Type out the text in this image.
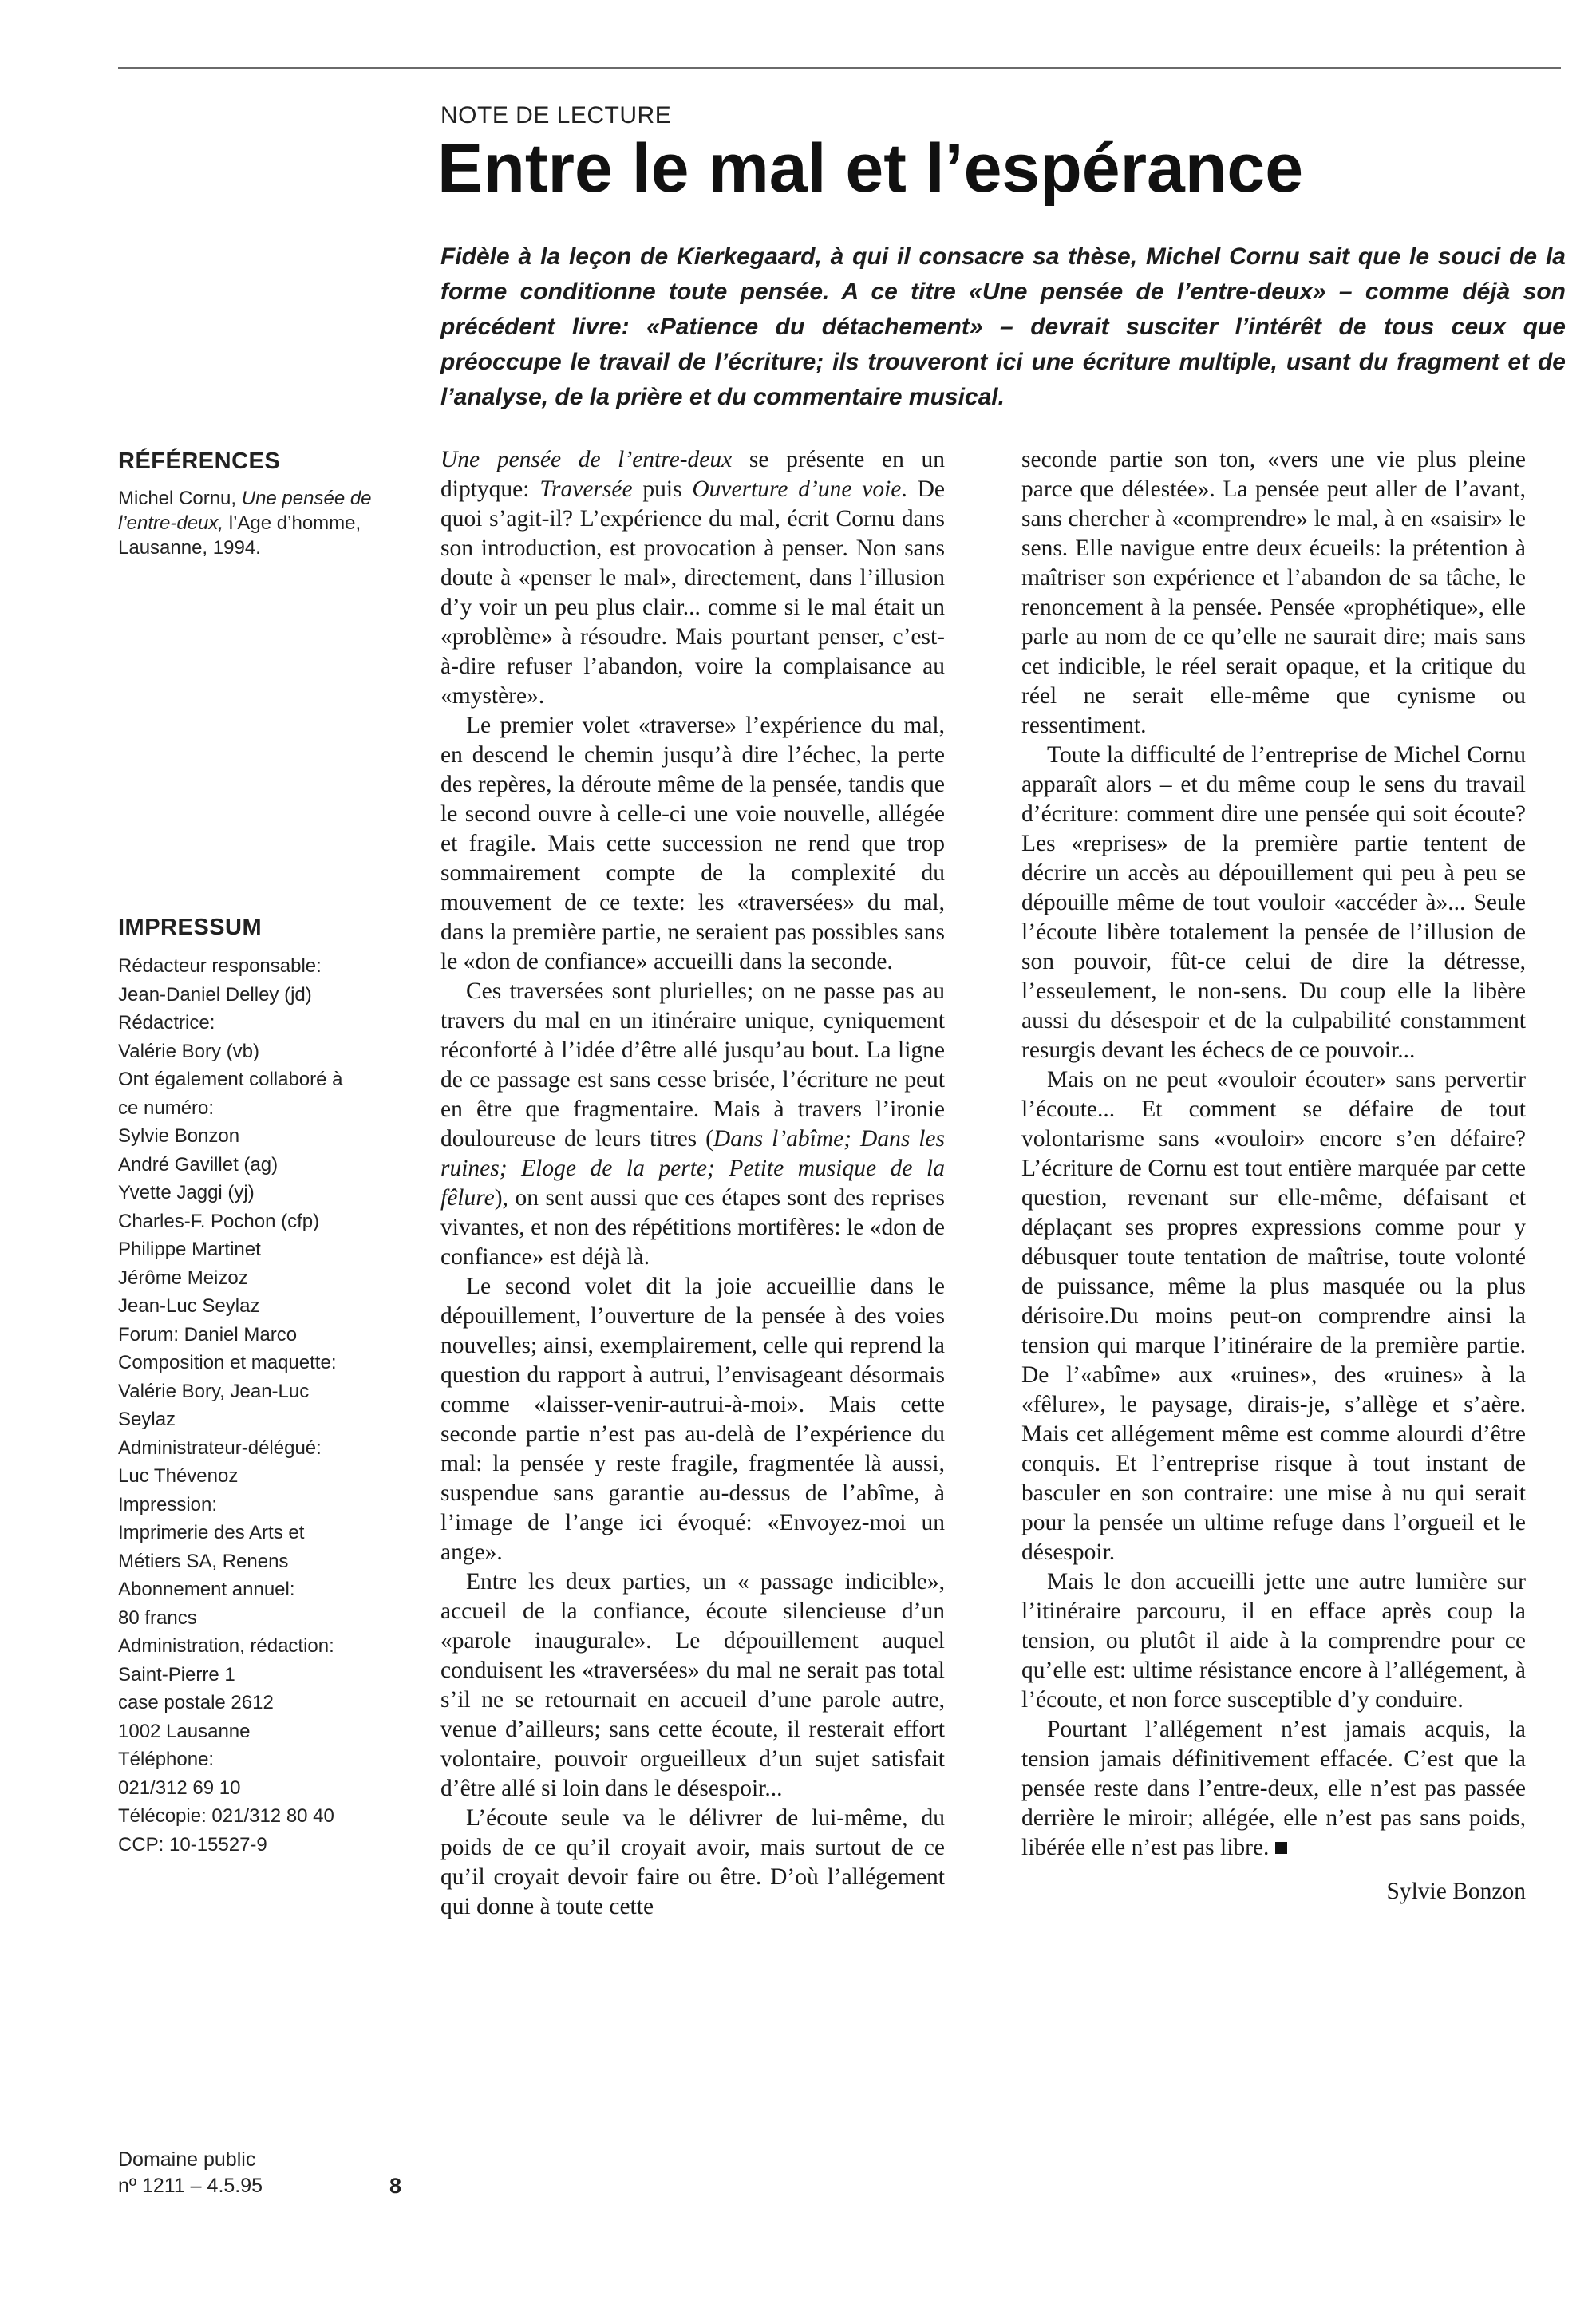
NOTE DE LECTURE
Entre le mal et l’espérance

Fidèle à la leçon de Kierkegaard, à qui il consacre sa thèse, Michel Cornu sait que le souci de la forme conditionne toute pensée. A ce titre «Une pensée de l’entre-deux» – comme déjà son précédent livre: «Patience du détachement» – devrait susciter l’intérêt de tous ceux que préoccupe le travail de l’écriture; ils trouveront ici une écriture multiple, usant du fragment et de l’analyse, de la prière et du commentaire musical.

RÉFÉRENCES
Michel Cornu, Une pensée de l’entre-deux, l’Age d’homme, Lausanne, 1994.
IMPRESSUM
Rédacteur responsable:
Jean-Daniel Delley (jd)
Rédactrice:
Valérie Bory (vb)
Ont également collaboré à
ce numéro:
Sylvie Bonzon
André Gavillet (ag)
Yvette Jaggi (yj)
Charles-F. Pochon (cfp)
Philippe Martinet
Jérôme Meizoz
Jean-Luc Seylaz
Forum: Daniel Marco
Composition et maquette:
Valérie Bory, Jean-Luc
Seylaz
Administrateur-délégué:
Luc Thévenoz
Impression:
Imprimerie des Arts et
Métiers SA, Renens
Abonnement annuel:
80 francs
Administration, rédaction:
Saint-Pierre 1
case postale 2612
1002 Lausanne
Téléphone:
021/312 69 10
Télécopie: 021/312 80 40
CCP: 10-15527-9
Domaine public
nº 1211 – 4.5.95	8

Une pensée de l’entre-deux se présente en un diptyque: Traversée puis Ouverture d’une voie. De quoi s’agit-il? L’expérience du mal, écrit Cornu dans son introduction, est provocation à penser. Non sans doute à «penser le mal», directement, dans l’illusion d’y voir un peu plus clair... comme si le mal était un «problème» à résoudre. Mais pourtant penser, c’est-à-dire refuser l’abandon, voire la complaisance au «mystère».

Le premier volet «traverse» l’expérience du mal, en descend le chemin jusqu’à dire l’échec, la perte des repères, la déroute même de la pensée, tandis que le second ouvre à celle-ci une voie nouvelle, allégée et fragile. Mais cette succession ne rend que trop sommairement compte de la complexité du mouvement de ce texte: les «traversées» du mal, dans la première partie, ne seraient pas possibles sans le «don de confiance» accueilli dans la seconde.

Ces traversées sont plurielles; on ne passe pas au travers du mal en un itinéraire unique, cyniquement réconforté à l’idée d’être allé jusqu’au bout. La ligne de ce passage est sans cesse brisée, l’écriture ne peut en être que fragmentaire. Mais à travers l’ironie douloureuse de leurs titres (Dans l’abîme; Dans les ruines; Eloge de la perte; Petite musique de la fêlure), on sent aussi que ces étapes sont des reprises vivantes, et non des répétitions mortifères: le «don de confiance» est déjà là.

Le second volet dit la joie accueillie dans le dépouillement, l’ouverture de la pensée à des voies nouvelles; ainsi, exemplairement, celle qui reprend la question du rapport à autrui, l’envisageant désormais comme «laisser-venir-autrui-à-moi». Mais cette seconde partie n’est pas au-delà de l’expérience du mal: la pensée y reste fragile, fragmentée là aussi, suspendue sans garantie au-dessus de l’abîme, à l’image de l’ange ici évoqué: «Envoyez-moi un ange».

Entre les deux parties, un « passage indicible», accueil de la confiance, écoute silencieuse d’un «parole inaugurale». Le dépouillement auquel conduisent les «traversées» du mal ne serait pas total s’il ne se retournait en accueil d’une parole autre, venue d’ailleurs; sans cette écoute, il resterait effort volontaire, pouvoir orgueilleux d’un sujet satisfait d’être allé si loin dans le désespoir...

L’écoute seule va le délivrer de lui-même, du poids de ce qu’il croyait avoir, mais surtout de ce qu’il croyait devoir faire ou être. D’où l’allégement qui donne à toute cette

seconde partie son ton, «vers une vie plus pleine parce que délestée». La pensée peut aller de l’avant, sans chercher à «comprendre» le mal, à en «saisir» le sens. Elle navigue entre deux écueils: la prétention à maîtriser son expérience et l’abandon de sa tâche, le renoncement à la pensée. Pensée «prophétique», elle parle au nom de ce qu’elle ne saurait dire; mais sans cet indicible, le réel serait opaque, et la critique du réel ne serait elle-même que cynisme ou ressentiment.

Toute la difficulté de l’entreprise de Michel Cornu apparaît alors – et du même coup le sens du travail d’écriture: comment dire une pensée qui soit écoute? Les «reprises» de la première partie tentent de décrire un accès au dépouillement qui peu à peu se dépouille même de tout vouloir «accéder à»... Seule l’écoute libère totalement la pensée de l’illusion de son pouvoir, fût-ce celui de dire la détresse, l’esseulement, le non-sens. Du coup elle la libère aussi du désespoir et de la culpabilité constamment resurgis devant les échecs de ce pouvoir...

Mais on ne peut «vouloir écouter» sans pervertir l’écoute... Et comment se défaire de tout volontarisme sans «vouloir» encore s’en défaire? L’écriture de Cornu est tout entière marquée par cette question, revenant sur elle-même, défaisant et déplaçant ses propres expressions comme pour y débusquer toute tentation de maîtrise, toute volonté de puissance, même la plus masquée ou la plus dérisoire.Du moins peut-on comprendre ainsi la tension qui marque l’itinéraire de la première partie. De l’«abîme» aux «ruines», des «ruines» à la «fêlure», le paysage, dirais-je, s’allège et s’aère. Mais cet allégement même est comme alourdi d’être conquis. Et l’entreprise risque à tout instant de basculer en son contraire: une mise à nu qui serait pour la pensée un ultime refuge dans l’orgueil et le désespoir.

Mais le don accueilli jette une autre lumière sur l’itinéraire parcouru, il en efface après coup la tension, ou plutôt il aide à la comprendre pour ce qu’elle est: ultime résistance encore à l’allégement, à l’écoute, et non force susceptible d’y conduire.

Pourtant l’allégement n’est jamais acquis, la tension jamais définitivement effacée. C’est que la pensée reste dans l’entre-deux, elle n’est pas passée derrière le miroir; allégée, elle n’est pas sans poids, libérée elle n’est pas libre.

Sylvie Bonzon
